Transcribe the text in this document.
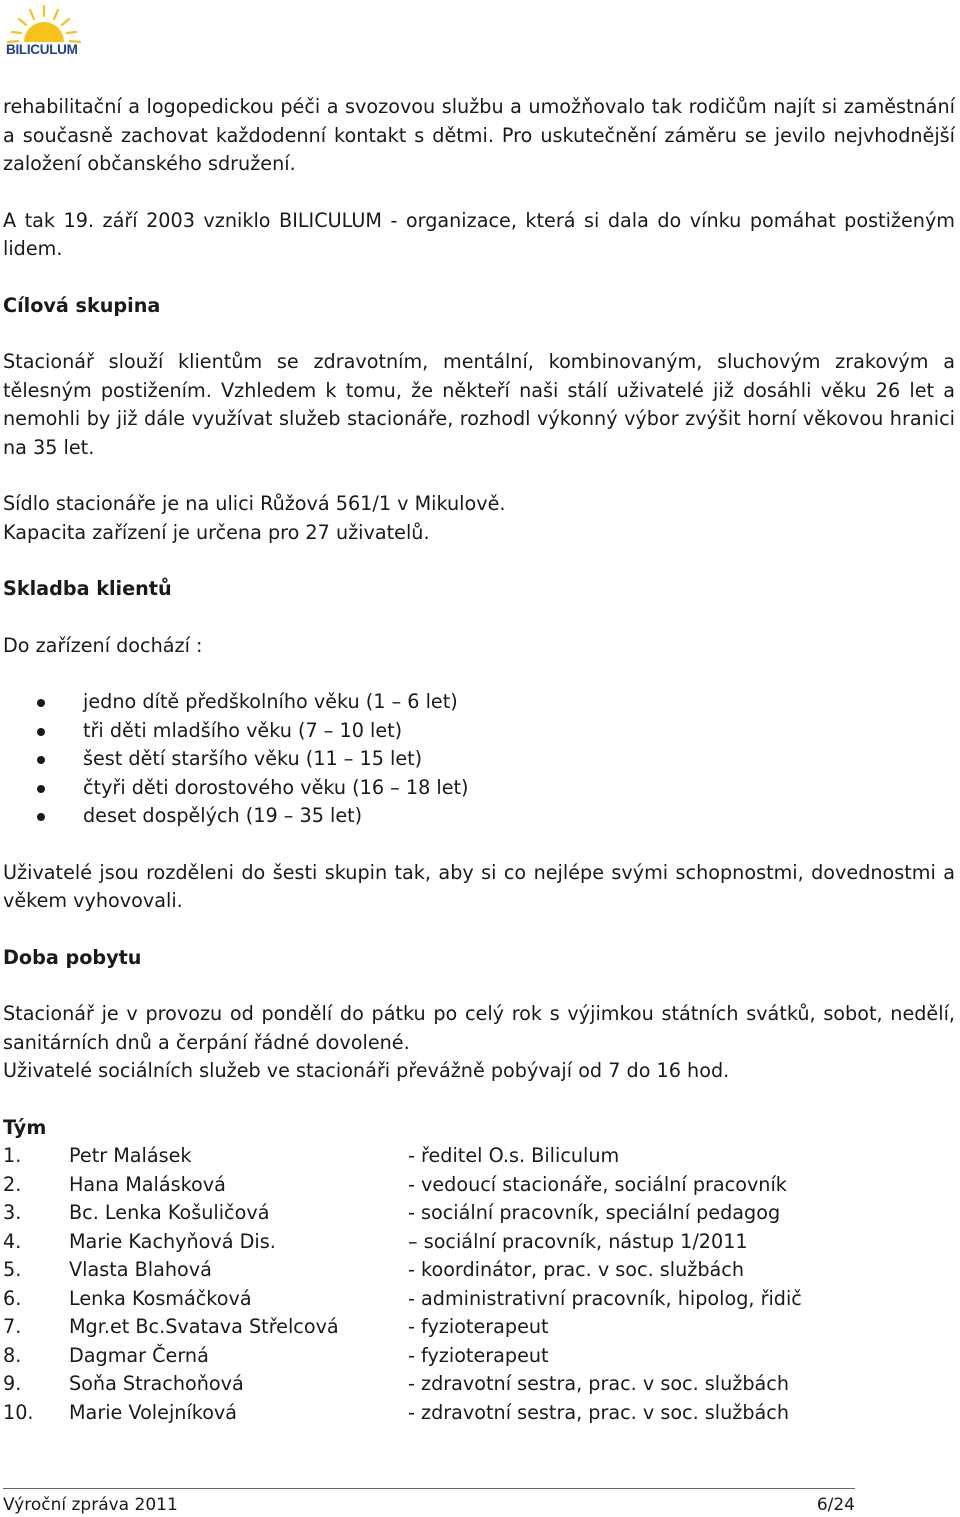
BILICULUM

rehabilitační a logopedickou péči a svozovou službu a umožňovalo tak rodičům najít si zaměstnání a současně zachovat každodenní kontakt s dětmi. Pro uskutečnění záměru se jevilo nejvhodnější založení občanského sdružení.

A tak 19. září 2003 vzniklo BILICULUM - organizace, která si dala do vínku pomáhat postiženým lidem.

Cílová skupina

Stacionář slouží klientům se zdravotním, mentální, kombinovaným, sluchovým zrakovým a tělesným postižením. Vzhledem k tomu, že někteří naši stálí uživatelé již dosáhli věku 26 let a nemohli by již dále využívat služeb stacionáře, rozhodl výkonný výbor zvýšit horní věkovou hranici na 35 let.

Sídlo stacionáře je na ulici Růžová 561/1 v Mikulově.

Kapacita zařízení je určena pro 27 uživatelů.

Skladba klientů

Do zařízení dochází :

jedno dítě předškolního věku (1 – 6 let)
tři děti mladšího věku (7 – 10 let)
šest dětí staršího věku (11 – 15 let)
čtyři děti dorostového věku (16 – 18 let)
deset dospělých (19 – 35 let)

Uživatelé jsou rozděleni do šesti skupin tak, aby si co nejlépe svými schopnostmi, dovednostmi a věkem vyhovovali.

Doba pobytu

Stacionář je v provozu od pondělí do pátku po celý rok s výjimkou státních svátků, sobot, nedělí, sanitárních dnů a čerpání řádné dovolené.

Uživatelé sociálních služeb ve stacionáři převážně pobývají od 7 do 16 hod.

Tým
1.	Petr Malásek	- ředitel O.s. Biliculum
2.	Hana Malásková	- vedoucí stacionáře, sociální pracovník
3.	Bc. Lenka Košuličová	- sociální pracovník, speciální pedagog
4.	Marie Kachyňová Dis.	– sociální pracovník, nástup 1/2011
5.	Vlasta Blahová	- koordinátor, prac. v soc. službách
6.	Lenka Kosmáčková	- administrativní pracovník, hipolog, řidič
7.	Mgr.et Bc.Svatava Střelcová	- fyzioterapeut
8.	Dagmar Černá	- fyzioterapeut
9.	Soňa Strachoňová	- zdravotní sestra, prac. v soc. službách
10.	Marie Volejníková	- zdravotní sestra, prac. v soc. službách
Výroční zpráva 2011	6/24
